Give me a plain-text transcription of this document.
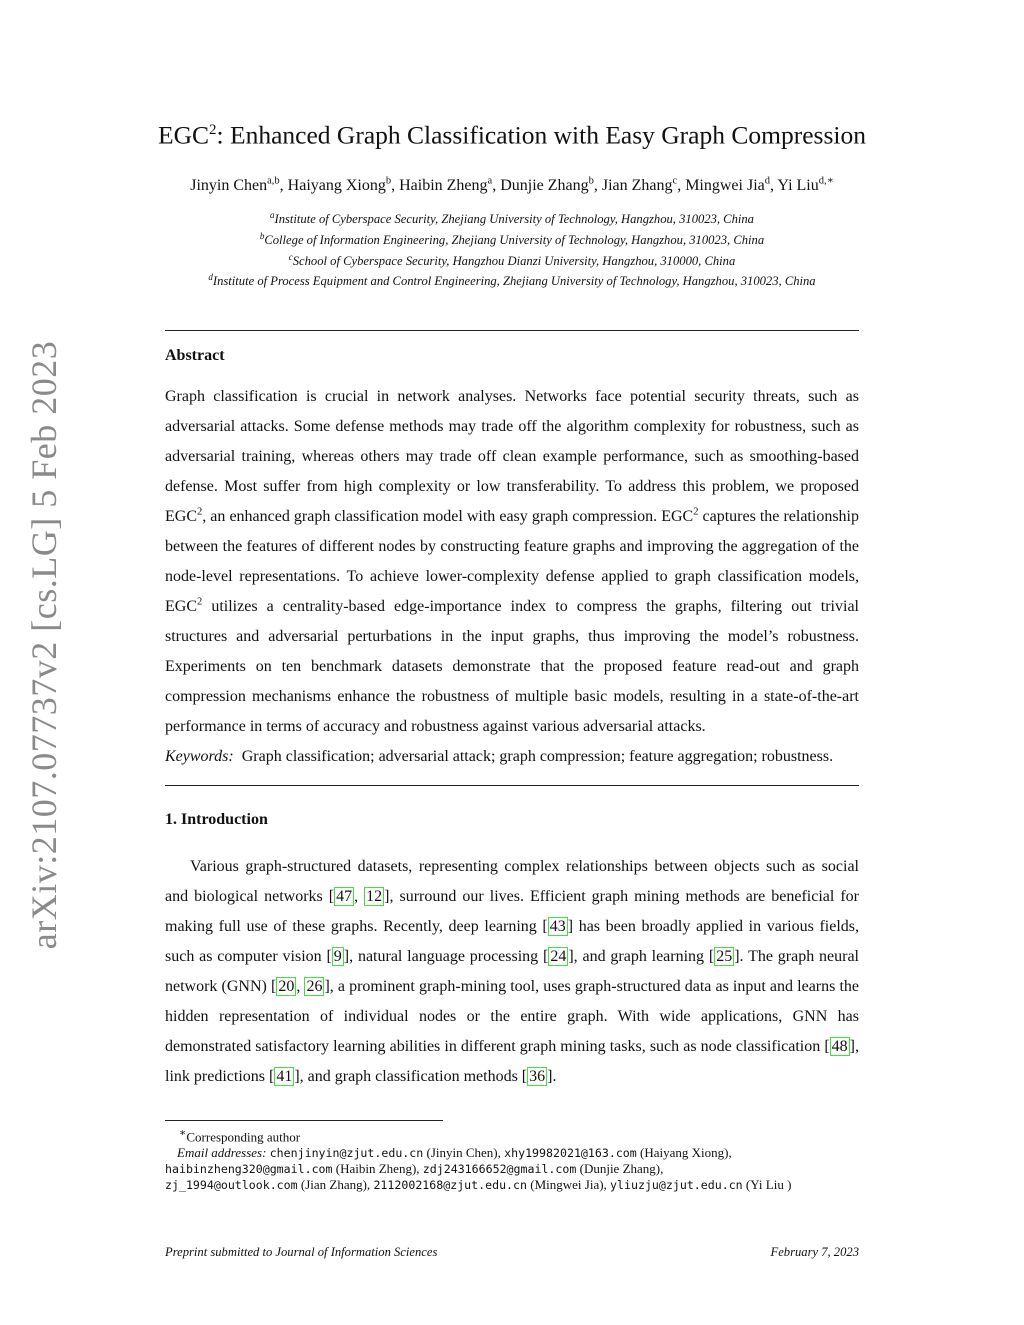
arXiv:2107.07737v2 [cs.LG] 5 Feb 2023
EGC$^2$: Enhanced Graph Classification with Easy Graph Compression
Jinyin Chen$^{a,b}$, Haiyang Xiong$^b$, Haibin Zheng$^a$, Dunjie Zhang$^b$, Jian Zhang$^c$, Mingwei Jia$^d$, Yi Liu$^{d,∗}$
$^a$Institute of Cyberspace Security, Zhejiang University of Technology, Hangzhou, 310023, China
$^b$College of Information Engineering, Zhejiang University of Technology, Hangzhou, 310023, China
$^c$School of Cyberspace Security, Hangzhou Dianzi University, Hangzhou, 310000, China
$^d$Institute of Process Equipment and Control Engineering, Zhejiang University of Technology, Hangzhou, 310023, China
Abstract

Graph classification is crucial in network analyses. Networks face potential security threats, such as adversarial attacks. Some defense methods may trade off the algorithm complexity for robustness, such as adversarial training, whereas others may trade off clean example performance, such as smoothing-based defense. Most suffer from high complexity or low transferability. To address this problem, we proposed EGC$^2$, an enhanced graph classification model with easy graph compression. EGC$^2$ captures the relationship between the features of different nodes by constructing feature graphs and improving the aggregation of the node-level representations. To achieve lower-complexity defense applied to graph classification models, EGC$^2$ utilizes a centrality-based edge-importance index to compress the graphs, filtering out trivial structures and adversarial perturbations in the input graphs, thus improving the model’s robustness. Experiments on ten benchmark datasets demonstrate that the proposed feature read-out and graph compression mechanisms enhance the robustness of multiple basic models, resulting in a state-of-the-art performance in terms of accuracy and robustness against various adversarial attacks.

Keywords: Graph classification; adversarial attack; graph compression; feature aggregation; robustness.

1. Introduction

Various graph-structured datasets, representing complex relationships between objects such as social and biological networks [ 47 , 12 ], surround our lives. Efficient graph mining methods are beneficial for making full use of these graphs. Recently, deep learning [ 43 ] has been broadly applied in various fields, such as computer vision [ 9 ], natural language processing [ 24 ], and graph learning [ 25 ]. The graph neural network (GNN) [ 20 , 26 ], a prominent graph-mining tool, uses graph-structured data as input and learns the hidden representation of individual nodes or the entire graph. With wide applications, GNN has demonstrated satisfactory learning abilities in different graph mining tasks, such as node classification [ 48 ], link predictions [ 41 ], and graph classification methods [ 36 ].

∗Corresponding author
Email addresses: chenjinyin@zjut.edu.cn (Jinyin Chen), xhy19982021@163.com (Haiyang Xiong),
haibinzheng320@gmail.com (Haibin Zheng), zdj243166652@gmail.com (Dunjie Zhang),
zj_1994@outlook.com (Jian Zhang), 2112002168@zjut.edu.cn (Mingwei Jia), yliuzju@zjut.edu.cn (Yi Liu )
Preprint submitted to Journal of Information Sciences	February 7, 2023
